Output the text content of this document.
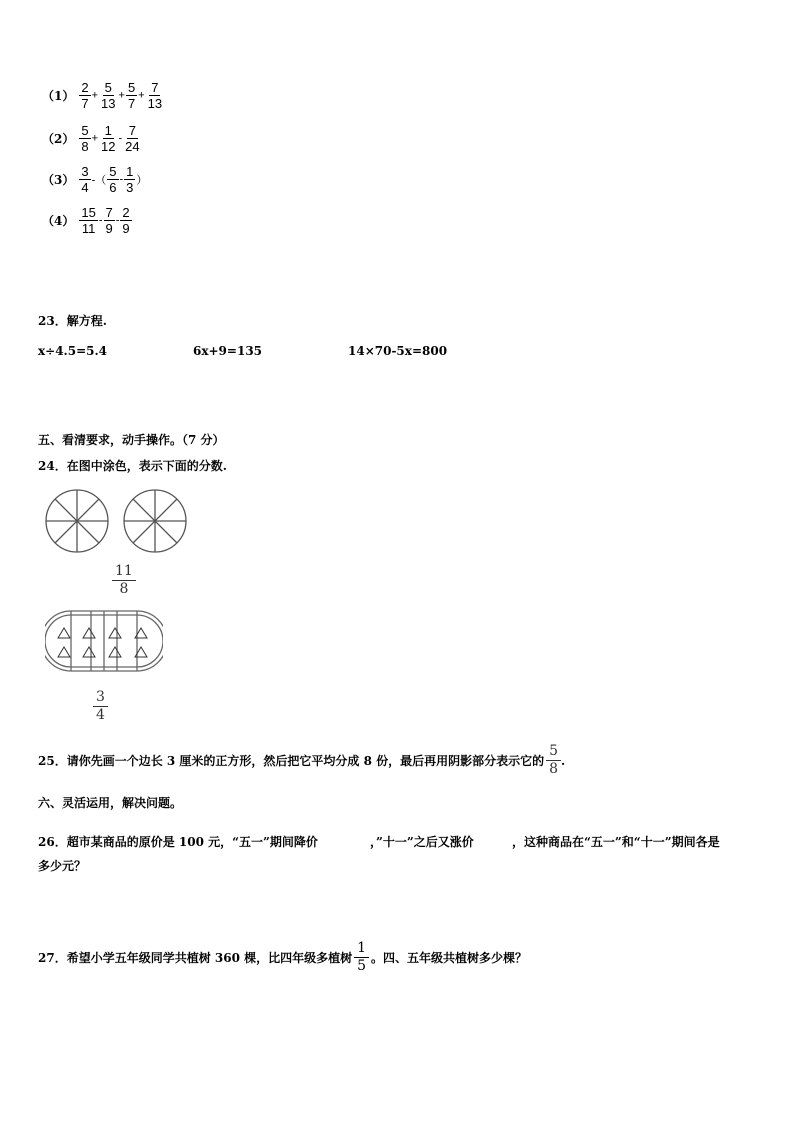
$(1) \frac{2}{7} + \frac{5}{13} + \frac{5}{7} + \frac{7}{13}$
$(2) \frac{5}{8} + \frac{1}{12} - \frac{7}{24}$
$(3) \frac{3}{4}$ -（ $\frac{5}{6} - \frac{1}{3}$ ）
$(4) \frac{15}{11} - \frac{7}{9} - \frac{2}{9}$
23．解方程.
x÷4.5=5.4	6x+9=135	14×70-5x=800
五、看清要求，动手操作。（7 分）
24．在图中涂色，表示下面的分数.
$\frac{11}{8}$
$\frac{3}{4}$
25．请你先画一个边长 3 厘米的正方形，然后把它平均分成 8 份，最后再用阴影部分表示它的 $\frac{5}{8}$ .
六、灵活运用，解决问题。
26．超市某商品的原价是 100 元，“五一”期间降价	，”十一”之后又涨价	，这种商品在“五一”和“十一”期间各是
多少元？
27．希望小学五年级同学共植树 360 棵，比四年级多植树 $\frac{1}{5}$ 。四、五年级共植树多少棵？
